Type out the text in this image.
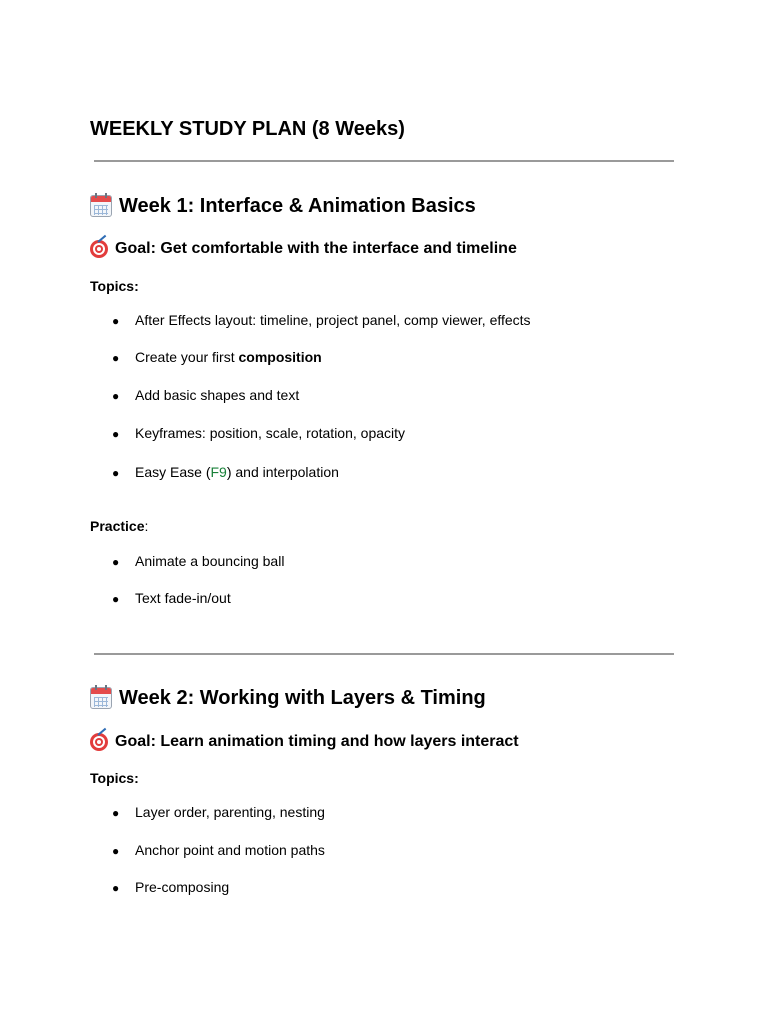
WEEKLY STUDY PLAN (8 Weeks)
Week 1: Interface & Animation Basics
Goal: Get comfortable with the interface and timeline
Topics:
● After Effects layout: timeline, project panel, comp viewer, effects
● Create your first composition
● Add basic shapes and text
● Keyframes: position, scale, rotation, opacity
● Easy Ease (F9) and interpolation
Practice:
● Animate a bouncing ball
● Text fade-in/out
Week 2: Working with Layers & Timing
Goal: Learn animation timing and how layers interact
Topics:
● Layer order, parenting, nesting
● Anchor point and motion paths
● Pre-composing
